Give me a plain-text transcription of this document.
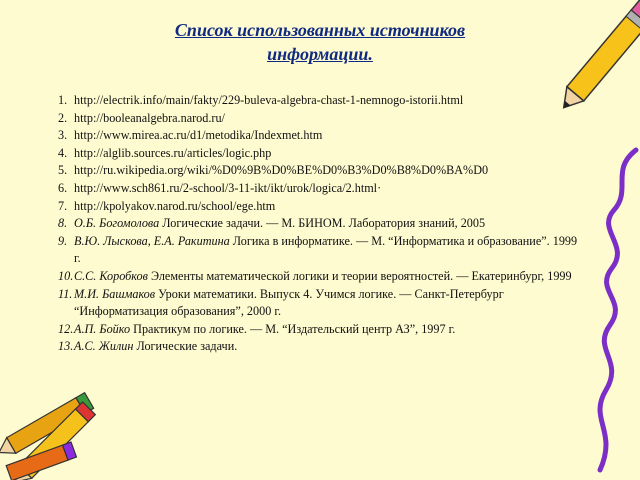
Список использованных источников информации.
1. http://electrik.info/main/fakty/229-buleva-algebra-chast-1-nemnogo-istorii.html
2. http://booleanalgebra.narod.ru/
3. http://www.mirea.ac.ru/d1/metodika/Indexmet.htm
4. http://alglib.sources.ru/articles/logic.php
5. http://ru.wikipedia.org/wiki/%D0%9B%D0%BE%D0%B3%D0%B8%D0%BA%D0
6. http://www.sch861.ru/2-school/3-11-ikt/ikt/urok/logica/2.html·
7. http://kpolyakov.narod.ru/school/ege.htm
8. О.Б. Богомолова Логические задачи. — М. БИНОМ. Лаборатория знаний, 2005
9. В.Ю. Лыскова, Е.А. Ракитина Логика в информатике. — М. “Информатика и образование”. 1999 г.
10. С.С. Коробков Элементы математической логики и теории вероятностей. — Екатеринбург, 1999
11. М.И. Башмаков Уроки математики. Выпуск 4. Учимся логике. — Санкт-Петербург “Информатизация образования”, 2000 г.
12. А.П. Бойко Практикум по логике. — М. “Издательский центр АЗ”, 1997 г.
13. А.С. Жилин Логические задачи.
